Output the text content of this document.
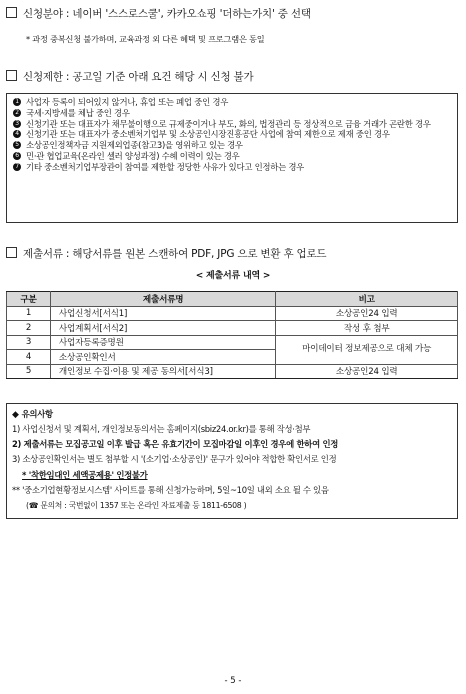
신청분야 : 네이버 '스스로스쿨', 카카오쇼핑 '더하는가치' 중 선택
* 과정 중복신청 불가하며, 교육과정 외 다른 혜택 및 프로그램은 동일
신청제한 : 공고일 기준 아래 요건 해당 시 신청 불가
1 사업자 등록이 되어있지 않거나, 휴업 또는 폐업 중인 경우
2 국세·지방세를 체납 중인 경우
3 신청기관 또는 대표자가 채무불이행으로 규제중이거나 부도, 화의, 법정관리 등 정상적으로 금융 거래가 곤란한 경우
4 신청기관 또는 대표자가 중소벤처기업부 및 소상공인시장진흥공단 사업에 참여 제한으로 제재 중인 경우
5 소상공인정책자금 지원제외업종(참고3)을 영위하고 있는 경우
6 민·관 협업교육(온라인 셀러 양성과정) 수혜 이력이 있는 경우
7 기타 중소벤처기업부장관이 참여를 제한할 정당한 사유가 있다고 인정하는 경우
제출서류 : 해당서류를 원본 스캔하여 PDF, JPG 으로 변환 후 업로드
< 제출서류 내역 >
구분	제출서류명	비고
1	사업신청서[서식1]	소상공인24 입력
2	사업계획서[서식2]	작성 후 첨부
3	사업자등록증명원	마이데이터 정보제공으로 대체 가능
4	소상공인확인서	
5	개인정보 수집·이용 및 제공 동의서[서식3]	소상공인24 입력
◆ 유의사항
1) 사업신청서 및 계획서, 개인정보동의서는 홈페이지(sbiz24.or.kr)를 통해 작성·첨부
2) 제출서류는 모집공고일 이후 발급 혹은 유효기간이 모집마감일 이후인 경우에 한하여 인정
3) 소상공인확인서는 별도 첨부할 시 '(소기업·소상공인)' 문구가 있어야 적합한 확인서로 인정
* '착한임대인 세액공제용' 인정불가
** '중소기업현황정보시스템' 사이트를 통해 신청가능하며, 5일~10일 내외 소요 될 수 있음
(☎ 문의처 : 국번없이 1357 또는 온라인 자료제출 등 1811-6508 )
- 5 -
